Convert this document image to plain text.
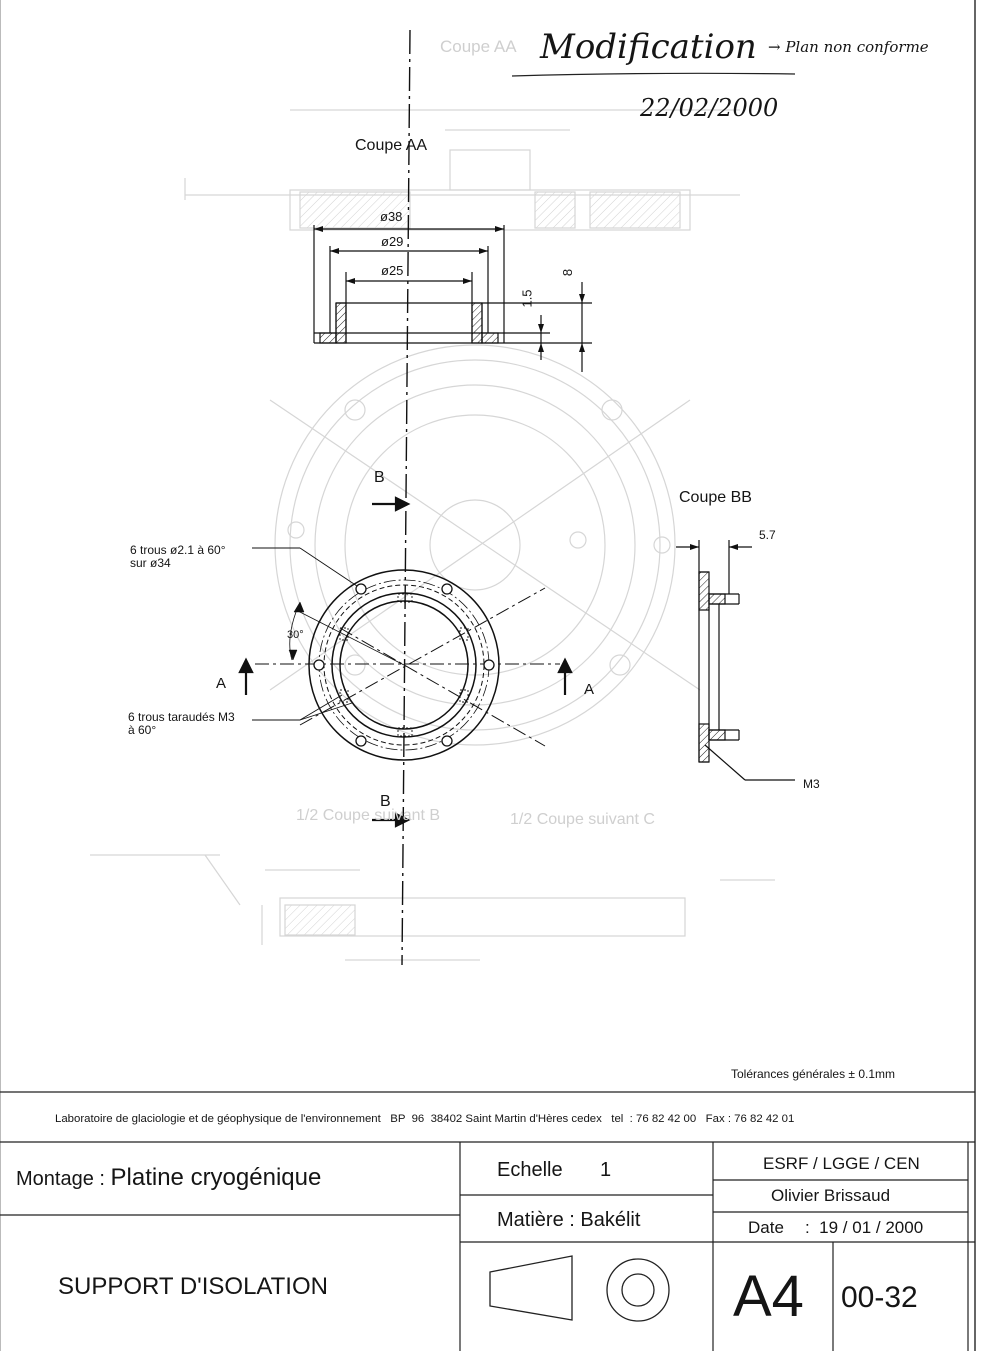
Coupe AA
1/2 Coupe suivant B	1/2 Coupe suivant C
Modification → Plan non conforme
22/02/2000
Coupe AA
ø38
ø29
ø25	8
1.5
6 trous ø2.1 à 60°
sur ø34
6 trous taraudés M3
à 60°
30°
A	A
B
B
Coupe BB
5.7
M3
Tolérances générales ± 0.1mm
Laboratoire de glaciologie et de géophysique de l'environnement   BP  96  38402 Saint Martin d'Hères cedex   tel  : 76 82 42 00   Fax : 76 82 42 01
Montage : Platine cryogénique
SUPPORT D'ISOLATION
Echelle 1
Matière : Bakélit
ESRF / LGGE / CEN
Olivier Brissaud
Date :  19 / 01 / 2000
A4 00-32
